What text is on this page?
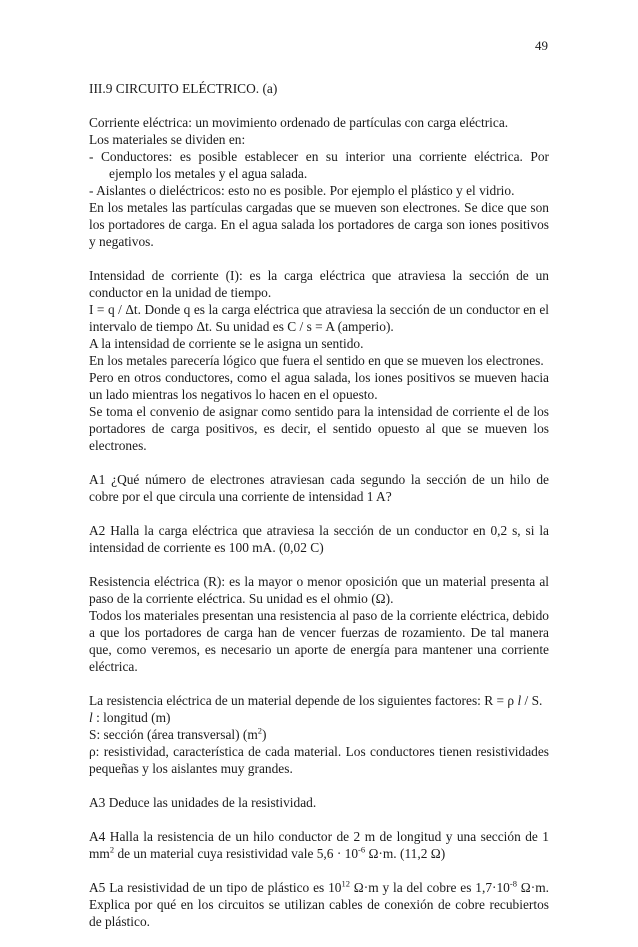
49
III.9 CIRCUITO ELÉCTRICO. (a)
Corriente eléctrica: un movimiento ordenado de partículas con carga eléctrica.
Los materiales se dividen en:
- Conductores: es posible establecer en su interior una corriente eléctrica. Por ejemplo los metales y el agua salada.
- Aislantes o dieléctricos: esto no es posible. Por ejemplo el plástico y el vidrio.
En los metales las partículas cargadas que se mueven son electrones. Se dice que son los portadores de carga. En el agua salada los portadores de carga son iones positivos y negativos.
Intensidad de corriente (I): es la carga eléctrica que atraviesa la sección de un conductor en la unidad de tiempo.
I = q / Δt. Donde q es la carga eléctrica que atraviesa la sección de un conductor en el intervalo de tiempo Δt. Su unidad es C / s = A (amperio).
A la intensidad de corriente se le asigna un sentido.
En los metales parecería lógico que fuera el sentido en que se mueven los electrones.
Pero en otros conductores, como el agua salada, los iones positivos se mueven hacia un lado mientras los negativos lo hacen en el opuesto.
Se toma el convenio de asignar como sentido para la intensidad de corriente el de los portadores de carga positivos, es decir, el sentido opuesto al que se mueven los electrones.
A1 ¿Qué número de electrones atraviesan cada segundo la sección de un hilo de cobre por el que circula una corriente de intensidad 1 A?
A2 Halla la carga eléctrica que atraviesa la sección de un conductor en 0,2 s, si la intensidad de corriente es 100 mA. (0,02 C)
Resistencia eléctrica (R): es la mayor o menor oposición que un material presenta al paso de la corriente eléctrica. Su unidad es el ohmio (Ω).
Todos los materiales presentan una resistencia al paso de la corriente eléctrica, debido a que los portadores de carga han de vencer fuerzas de rozamiento. De tal manera que, como veremos, es necesario un aporte de energía para mantener una corriente eléctrica.
La resistencia eléctrica de un material depende de los siguientes factores: R = ρ l / S.
l : longitud (m)
S: sección (área transversal) $(m^2)$
ρ: resistividad, característica de cada material. Los conductores tienen resistividades pequeñas y los aislantes muy grandes.
A3 Deduce las unidades de la resistividad.
A4 Halla la resistencia de un hilo conductor de 2 m de longitud y una sección de 1 $mm^2$ de un material cuya resistividad vale $5,6 \cdot 10^{-6}$ Ω·m. (11,2 Ω)
A5 La resistividad de un tipo de plástico es $10^{12}$ Ω·m y la del cobre es $1,7\cdot 10^{-8}$ Ω·m. Explica por qué en los circuitos se utilizan cables de conexión de cobre recubiertos de plástico.
